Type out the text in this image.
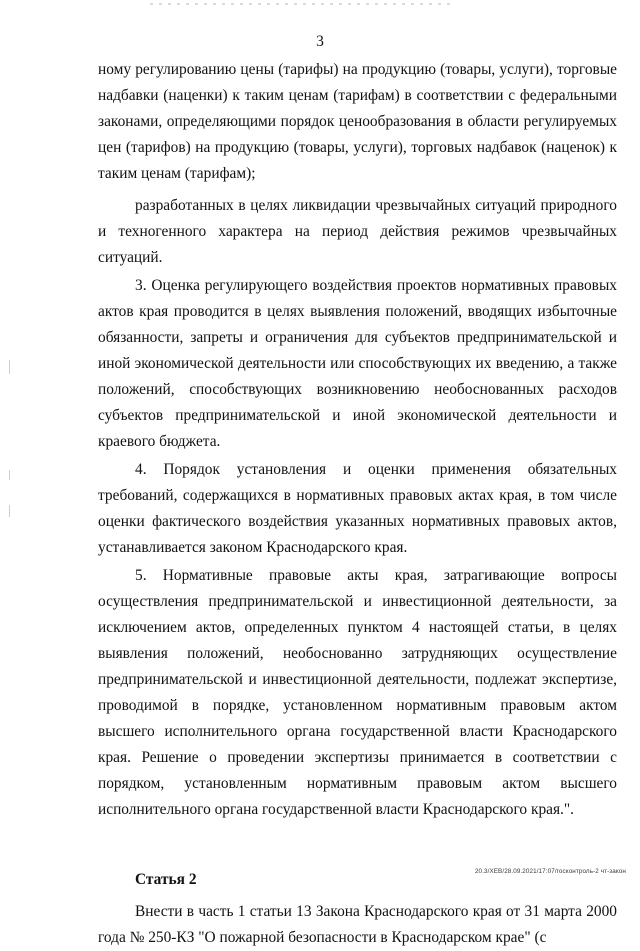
3

ному регулированию цены (тарифы) на продукцию (товары, услуги), торговые надбавки (наценки) к таким ценам (тарифам) в соответствии с федеральными законами, определяющими порядок ценообразования в области регулируемых цен (тарифов) на продукцию (товары, услуги), торговых надбавок (наценок) к таким ценам (тарифам);

разработанных в целях ликвидации чрезвычайных ситуаций природного и техногенного характера на период действия режимов чрезвычайных ситуаций.

3. Оценка регулирующего воздействия проектов нормативных правовых актов края проводится в целях выявления положений, вводящих избыточные обязанности, запреты и ограничения для субъектов предпринимательской и иной экономической деятельности или способствующих их введению, а также положений, способствующих возникновению необоснованных расходов субъектов предпринимательской и иной экономической деятельности и краевого бюджета.

4. Порядок установления и оценки применения обязательных требований, содержащихся в нормативных правовых актах края, в том числе оценки фактического воздействия указанных нормативных правовых актов, устанавливается законом Краснодарского края.

5. Нормативные правовые акты края, затрагивающие вопросы осуществления предпринимательской и инвестиционной деятельности, за исключением актов, определенных пунктом 4 настоящей статьи, в целях выявления положений, необоснованно затрудняющих осуществление предпринимательской и инвестиционной деятельности, подлежат экспертизе, проводимой в порядке, установленном нормативным правовым актом высшего исполнительного органа государственной власти Краснодарского края. Решение о проведении экспертизы принимается в соответствии с порядком, установленным нормативным правовым актом высшего исполнительного органа государственной власти Краснодарского края.".

Статья 2

Внести в часть 1 статьи 13 Закона Краснодарского края от 31 марта 2000 года № 250-КЗ "О пожарной безопасности в Краснодарском крае" (с

20.3/ХЕВ/28.09.2021/17:07/госконтроль-2 чт-закон
